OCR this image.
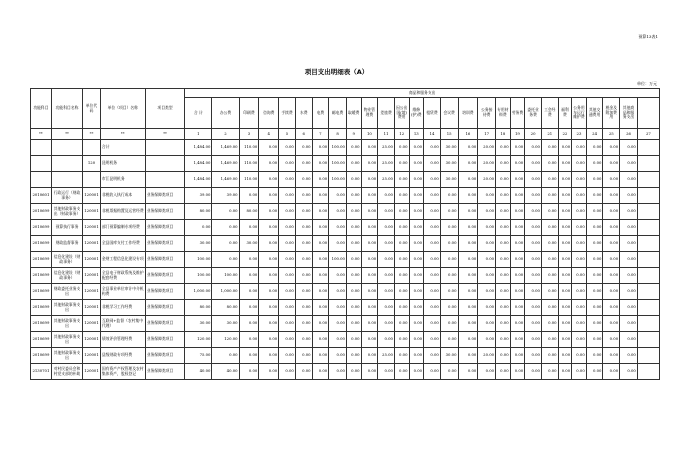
预算13表1
项目支出明细表（A）
单位：万元
功能科目	功能科目名称	单位代码	单位（项目）名称	项目类型	商品和服务支出																										
					合 计	办公费	印刷费	咨询费	手续费	水费	电费	邮电费	取暖费	物业管理费	差旅费	因公出国(境)费用	维修(护)费	租赁费	会议费	培训费	公务接待费	专用材料费	劳务费	委托业务费	工会经费	福利费	公务用车运行维护费	其他交通费用	税金及附加费用	其他商品和服务支出	
**	**	**	**	**	1	2	3	4	5	6	7	8	9	10	11	12	13	14	15	16	17	18	19	20	21	22	23	24	25	26	27
			合计		1,484.00	1,469.00	110.00	0.00	0.00	0.00	0.00	100.00	0.00	0.00	25.00	0.00	0.00	0.00	30.00	0.00	20.00	0.00	0.00	0.00	0.00	0.00	0.00	0.00	0.00	0.00	
		120	昆明机务		1,484.00	1,469.00	110.00	0.00	0.00	0.00	0.00	100.00	0.00	0.00	25.00	0.00	0.00	0.00	30.00	0.00	20.00	0.00	0.00	0.00	0.00	0.00	0.00	0.00	0.00	0.00	
			市江昆明机务		1,484.00	1,469.00	110.00	0.00	0.00	0.00	0.00	100.00	0.00	0.00	25.00	0.00	0.00	0.00	30.00	0.00	20.00	0.00	0.00	0.00	0.00	0.00	0.00	0.00	0.00	0.00	
2010601	行政运行（财政事务）	120001	非税收入执行成本	业务保障类项目	39.00	39.00	0.00	0.00	0.00	0.00	0.00	0.00	0.00	0.00	0.00	0.00	0.00	0.00	0.00	0.00	0.00	0.00	0.00	0.00	0.00	0.00	0.00	0.00	0.00	0.00	
2010699	其他财政事务支出（财政事务）	120001	非税票据购置及运营经费	业务保障类项目	80.00	0.00	80.00	0.00	0.00	0.00	0.00	0.00	0.00	0.00	0.00	0.00	0.00	0.00	0.00	0.00	0.00	0.00	0.00	0.00	0.00	0.00	0.00	0.00	0.00	0.00	
2010699	预算执行事务	120001	部门预算编制专项经费	业务保障类项目	0.00	0.00	0.00	0.00	0.00	0.00	0.00	0.00	0.00	0.00	0.00	0.00	0.00	0.00	0.00	0.00	0.00	0.00	0.00	0.00	0.00	0.00	0.00	0.00	0.00	0.00	
2010699	财政监督事务	120001	全县国库支付工作经费	业务保障类项目	30.00	0.00	30.00	0.00	0.00	0.00	0.00	0.00	0.00	0.00	0.00	0.00	0.00	0.00	0.00	0.00	0.00	0.00	0.00	0.00	0.00	0.00	0.00	0.00	0.00	0.00	
2010699	信息化建设（财政事务）	120001	金财工程信息化建设专项	业务保障类项目	100.00	0.00	0.00	0.00	0.00	0.00	0.00	100.00	0.00	0.00	0.00	0.00	0.00	0.00	0.00	0.00	0.00	0.00	0.00	0.00	0.00	0.00	0.00	0.00	0.00	0.00	
2010699	信息化建设（财政事务）	120001	全县电子财政系统及维护配套经费	业务保障类项目	100.00	100.00	0.00	0.00	0.00	0.00	0.00	0.00	0.00	0.00	0.00	0.00	0.00	0.00	0.00	0.00	0.00	0.00	0.00	0.00	0.00	0.00	0.00	0.00	0.00	0.00	
2010699	财政委托业务支出	120001	全县事业单位审计中介机构费	业务保障类项目	1,000.00	1,000.00	0.00	0.00	0.00	0.00	0.00	0.00	0.00	0.00	0.00	0.00	0.00	0.00	0.00	0.00	0.00	0.00	0.00	0.00	0.00	0.00	0.00	0.00	0.00	0.00	
2010699	其他财政事务支出	120001	非税学习工作经费	业务保障类项目	80.00	80.00	0.00	0.00	0.00	0.00	0.00	0.00	0.00	0.00	0.00	0.00	0.00	0.00	0.00	0.00	0.00	0.00	0.00	0.00	0.00	0.00	0.00	0.00	0.00	0.00	
2010699	其他财政事务支出	120001	互联网+监督（农村集中代理）	业务保障类项目	30.00	30.00	0.00	0.00	0.00	0.00	0.00	0.00	0.00	0.00	0.00	0.00	0.00	0.00	0.00	0.00	0.00	0.00	0.00	0.00	0.00	0.00	0.00	0.00	0.00	0.00	
2010699	其他财政事务支出	120001	绩效评价管理经费	业务保障类项目	120.00	120.00	0.00	0.00	0.00	0.00	0.00	0.00	0.00	0.00	0.00	0.00	0.00	0.00	0.00	0.00	0.00	0.00	0.00	0.00	0.00	0.00	0.00	0.00	0.00	0.00	
2010699	其他财政事务支出	120001	县级财政专项经费	业务保障类项目	75.00	0.00	0.00	0.00	0.00	0.00	0.00	0.00	0.00	0.00	25.00	0.00	0.00	0.00	30.00	0.00	20.00	0.00	0.00	0.00	0.00	0.00	0.00	0.00	0.00	0.00	
2130701	对村民委员会和村党支部的补助	120001	国有资产产权管理及农村集体资产，股权登记	业务保障类项目	40.00	40.00	0.00	0.00	0.00	0.00	0.00	0.00	0.00	0.00	0.00	0.00	0.00	0.00	0.00	0.00	0.00	0.00	0.00	0.00	0.00	0.00	0.00	0.00	0.00	0.00	
